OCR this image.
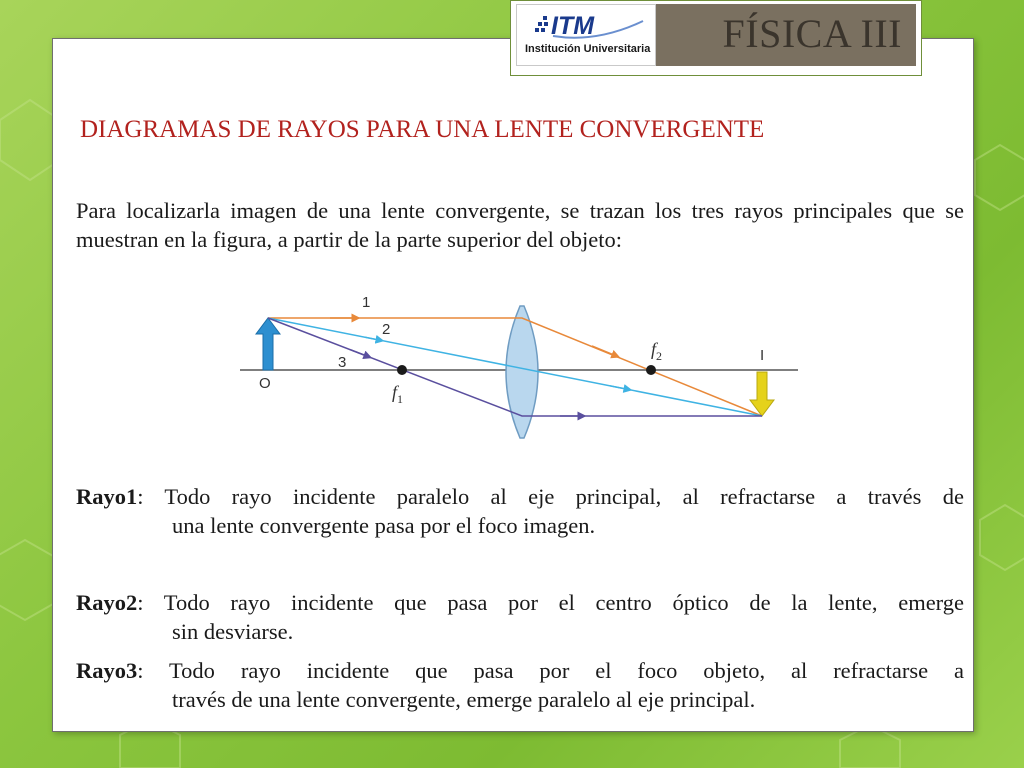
ITM
Institución Universitaria FÍSICA III
DIAGRAMAS DE RAYOS PARA UNA LENTE CONVERGENTE
Para localizarla imagen de una lente convergente, se trazan los tres rayos principales que se muestran en la figura, a partir de la parte superior del objeto:
1
2
3
O
I
$f_1$
$f_2$
Rayo1: Todo rayo incidente paralelo al eje principal, al refractarse a través de
una lente convergente pasa por el foco imagen.
Rayo2: Todo rayo incidente que pasa por el centro óptico de la lente, emerge
sin desviarse.
Rayo3: Todo rayo incidente que pasa por el foco objeto, al refractarse a
través de una lente convergente, emerge paralelo al eje principal.
